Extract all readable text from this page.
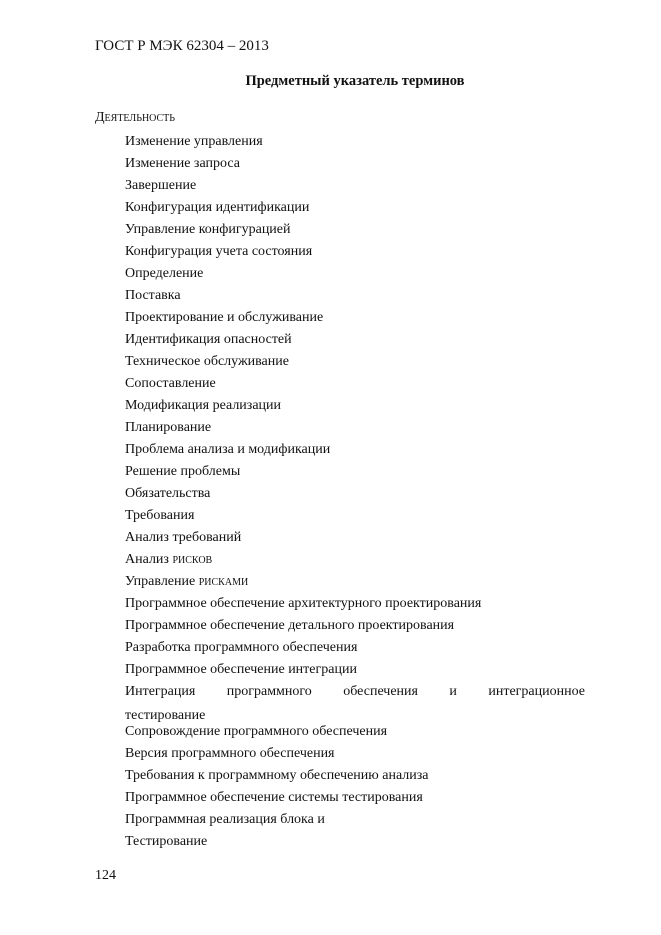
ГОСТ Р МЭК 62304 – 2013
Предметный указатель терминов
Деятельность
Изменение управления
Изменение запроса
Завершение
Конфигурация идентификации
Управление конфигурацией
Конфигурация учета состояния
Определение
Поставка
Проектирование и обслуживание
Идентификация опасностей
Техническое обслуживание
Сопоставление
Модификация реализации
Планирование
Проблема анализа и модификации
Решение проблемы
Обязательства
Требования
Анализ требований
Анализ рисков
Управление рисками
Программное обеспечение архитектурного проектирования
Программное обеспечение детального проектирования
Разработка программного обеспечения
Программное обеспечение интеграции
Интеграция программного обеспечения и интеграционное
тестирование
Сопровождение программного обеспечения
Версия программного обеспечения
Требования к программному обеспечению анализа
Программное обеспечение системы тестирования
Программная реализация блока и
Тестирование
124
